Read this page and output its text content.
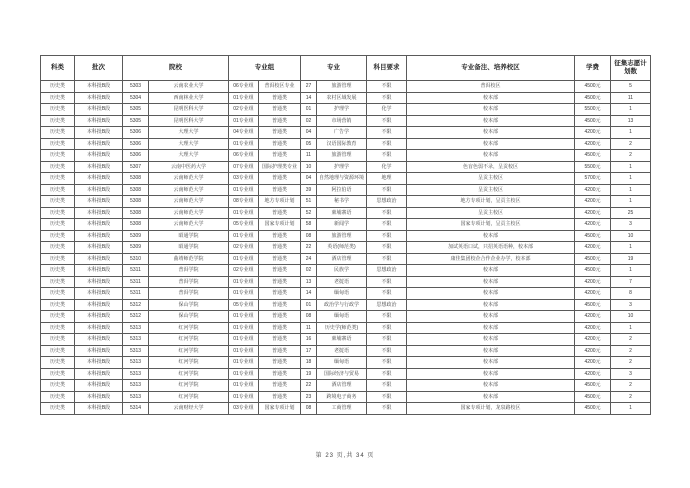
科类	批次	院校		专业组		专业		科目要求	专业备注、培养校区	学费	征集志愿计划数
历史类	本科批B段	5303	云南农业大学	06专业组	普洱校区专业	27	旅游管理	不限	普洱校区	4500元	5
历史类	本科批B段	5304	西南林业大学	01专业组	普通类	14	农村区域发展	不限	校本部	4500元	11
历史类	本科批B段	5305	昆明医科大学	02专业组	普通类	01	护理学	化学	校本部	5500元	1
历史类	本科批B段	5305	昆明医科大学	01专业组	普通类	02	市场营销	不限	校本部	4500元	13
历史类	本科批B段	5306	大理大学	04专业组	普通类	04	广告学	不限	校本部	4200元	1
历史类	本科批B段	5306	大理大学	01专业组	普通类	05	汉语国际教育	不限	校本部	4200元	2
历史类	本科批B段	5306	大理大学	06专业组	普通类	11	旅游管理	不限	校本部	4500元	2
历史类	本科批B段	5307	云南中医药大学	07专业组	国际护理类专业	10	护理学	化学	色盲色弱不录，呈贡校区	5500元	1
历史类	本科批B段	5308	云南师范大学	03专业组	普通类	04	自然地理与资源环境	地理	呈贡主校区	5700元	1
历史类	本科批B段	5308	云南师范大学	01专业组	普通类	39	阿拉伯语	不限	呈贡主校区	4200元	1
历史类	本科批B段	5308	云南师范大学	08专业组	地方专项计划	51	秘书学	思想政治	地方专项计划，呈贡主校区	4200元	1
历史类	本科批B段	5308	云南师范大学	01专业组	普通类	52	柬埔寨语	不限	呈贡主校区	4200元	25
历史类	本科批B段	5308	云南师范大学	05专业组	国家专项计划	58	新闻学	不限	国家专项计划，呈贡主校区	4200元	3
历史类	本科批B段	5309	昭通学院	01专业组	普通类	08	旅游管理	不限	校本部	4500元	10
历史类	本科批B段	5309	昭通学院	02专业组	普通类	22	英语(师范类)	不限	加试英语口试，只招英语语种，校本部	4200元	1
历史类	本科批B段	5310	曲靖师范学院	01专业组	普通类	24	酒店管理	不限	康佳集团校企合作企业办学，校本部	4500元	19
历史类	本科批B段	5311	普洱学院	02专业组	普通类	02	民族学	思想政治	校本部	4500元	1
历史类	本科批B段	5311	普洱学院	01专业组	普通类	13	老挝语	不限	校本部	4200元	7
历史类	本科批B段	5311	普洱学院	01专业组	普通类	14	缅甸语	不限	校本部	4200元	8
历史类	本科批B段	5312	保山学院	05专业组	普通类	01	政治学与行政学	思想政治	校本部	4500元	3
历史类	本科批B段	5312	保山学院	01专业组	普通类	08	缅甸语	不限	校本部	4200元	10
历史类	本科批B段	5313	红河学院	01专业组	普通类	11	历史学(师范类)	不限	校本部	4200元	1
历史类	本科批B段	5313	红河学院	01专业组	普通类	16	柬埔寨语	不限	校本部	4200元	2
历史类	本科批B段	5313	红河学院	01专业组	普通类	17	老挝语	不限	校本部	4200元	2
历史类	本科批B段	5313	红河学院	01专业组	普通类	18	缅甸语	不限	校本部	4200元	2
历史类	本科批B段	5313	红河学院	01专业组	普通类	19	国际经济与贸易	不限	校本部	4200元	3
历史类	本科批B段	5313	红河学院	01专业组	普通类	22	酒店管理	不限	校本部	4500元	2
历史类	本科批B段	5313	红河学院	01专业组	普通类	23	跨境电子商务	不限	校本部	4500元	2
历史类	本科批B段	5314	云南财经大学	03专业组	国家专项计划	08	工商管理	不限	国家专项计划，龙泉路校区	4500元	1
第 23 页,共 34 页
